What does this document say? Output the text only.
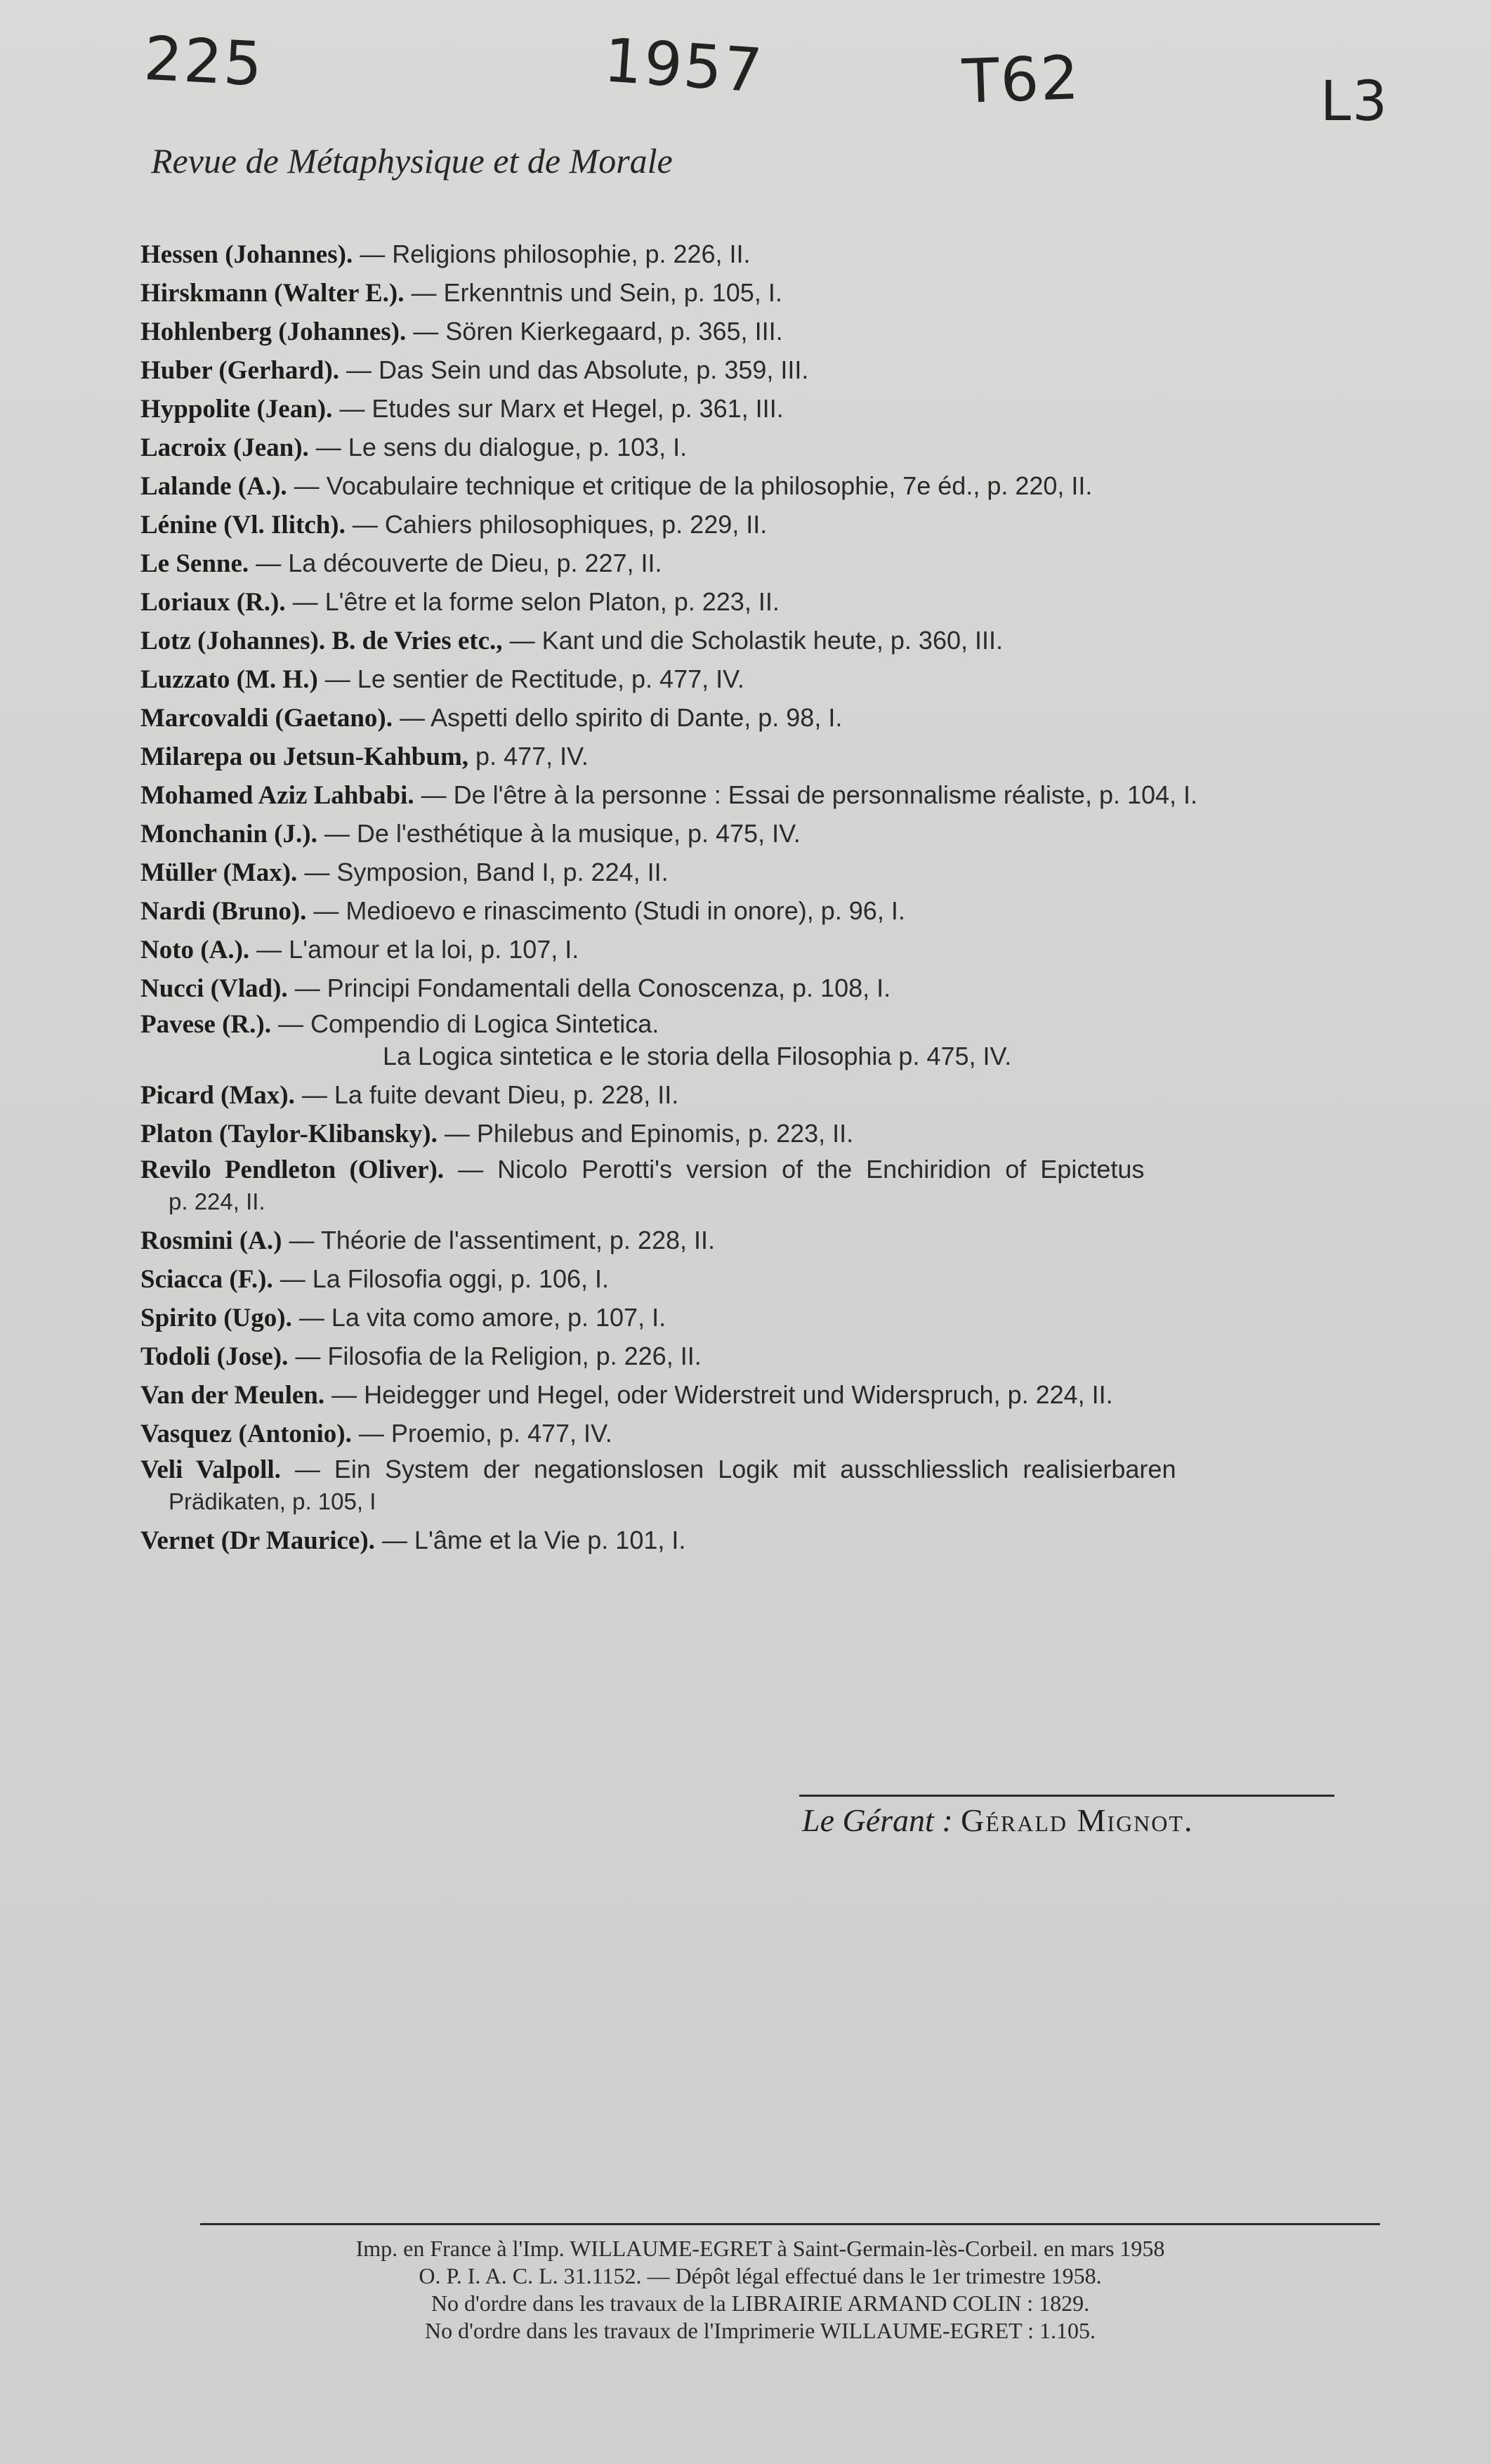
225	1957	T62	L3
Revue de Métaphysique et de Morale
Hessen (Johannes). — Religions philosophie, p. 226, II.
Hirskmann (Walter E.). — Erkenntnis und Sein, p. 105, I.
Hohlenberg (Johannes). — Sören Kierkegaard, p. 365, III.
Huber (Gerhard). — Das Sein und das Absolute, p. 359, III.
Hyppolite (Jean). — Etudes sur Marx et Hegel, p. 361, III.
Lacroix (Jean). — Le sens du dialogue, p. 103, I.
Lalande (A.). — Vocabulaire technique et critique de la philosophie, 7e éd., p. 220, II.
Lénine (Vl. Ilitch). — Cahiers philosophiques, p. 229, II.
Le Senne. — La découverte de Dieu, p. 227, II.
Loriaux (R.). — L'être et la forme selon Platon, p. 223, II.
Lotz (Johannes). B. de Vries etc., — Kant und die Scholastik heute, p. 360, III.
Luzzato (M. H.) — Le sentier de Rectitude, p. 477, IV.
Marcovaldi (Gaetano). — Aspetti dello spirito di Dante, p. 98, I.
Milarepa ou Jetsun-Kahbum, p. 477, IV.
Mohamed Aziz Lahbabi. — De l'être à la personne : Essai de personnalisme réaliste, p. 104, I.
Monchanin (J.). — De l'esthétique à la musique, p. 475, IV.
Müller (Max). — Symposion, Band I, p. 224, II.
Nardi (Bruno). — Medioevo e rinascimento (Studi in onore), p. 96, I.
Noto (A.). — L'amour et la loi, p. 107, I.
Nucci (Vlad). — Principi Fondamentali della Conoscenza, p. 108, I.
Pavese (R.). — Compendio di Logica Sintetica.
La Logica sintetica e le storia della Filosophia p. 475, IV.
Picard (Max). — La fuite devant Dieu, p. 228, II.
Platon (Taylor-Klibansky). — Philebus and Epinomis, p. 223, II.
Revilo Pendleton (Oliver). — Nicolo Perotti's version of the Enchiridion of Epictetus
p. 224, II.
Rosmini (A.) — Théorie de l'assentiment, p. 228, II.
Sciacca (F.). — La Filosofia oggi, p. 106, I.
Spirito (Ugo). — La vita como amore, p. 107, I.
Todoli (Jose). — Filosofia de la Religion, p. 226, II.
Van der Meulen. — Heidegger und Hegel, oder Widerstreit und Widerspruch, p. 224, II.
Vasquez (Antonio). — Proemio, p. 477, IV.
Veli Valpoll. — Ein System der negationslosen Logik mit ausschliesslich realisierbaren
Prädikaten, p. 105, I
Vernet (Dr Maurice). — L'âme et la Vie p. 101, I.
Le Gérant : Gérald Mignot.
Imp. en France à l'Imp. WILLAUME-EGRET à Saint-Germain-lès-Corbeil. en mars 1958
O. P. I. A. C. L. 31.1152. — Dépôt légal effectué dans le 1er trimestre 1958.
No d'ordre dans les travaux de la LIBRAIRIE ARMAND COLIN : 1829.
No d'ordre dans les travaux de l'Imprimerie WILLAUME-EGRET : 1.105.
